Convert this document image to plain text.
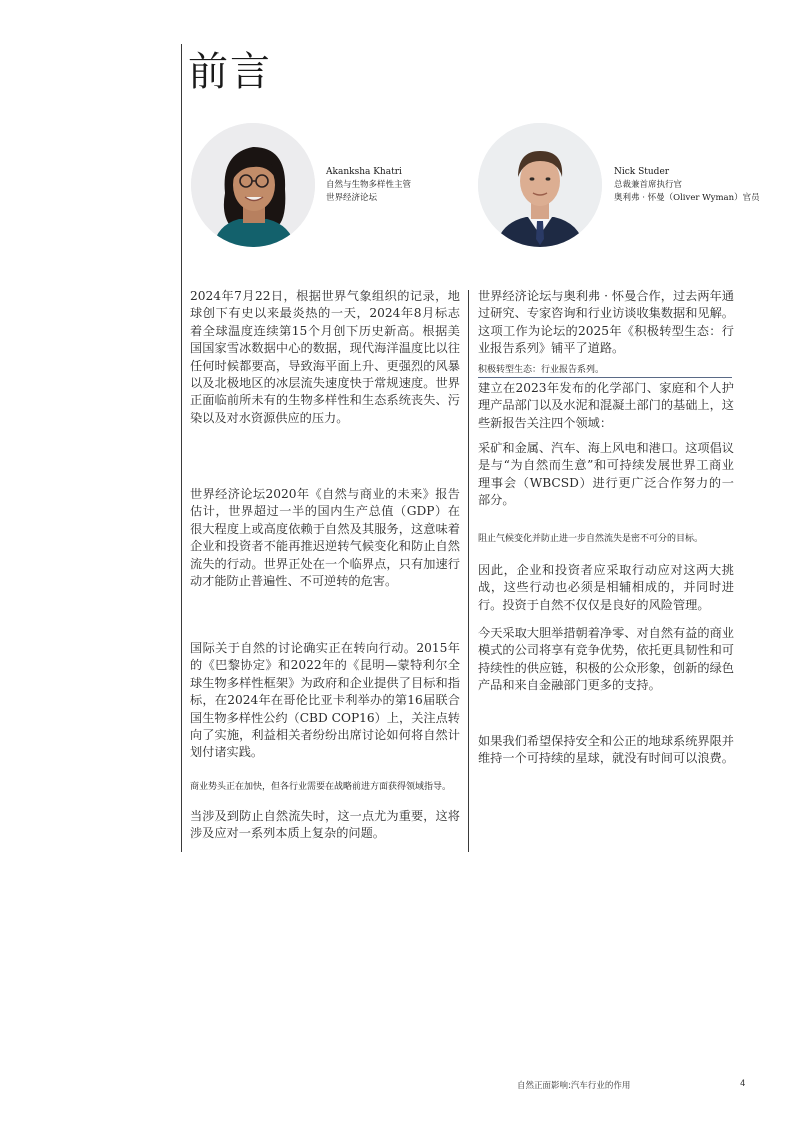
前言
Akanksha Khatri
自然与生物多样性主管
世界经济论坛
Nick Studer
总裁兼首席执行官
奥利弗 · 怀曼（Oliver Wyman）官员
2024年7月22日，根据世界气象组织的记录，地球创下有史以来最炎热的一天，2024年8月标志着全球温度连续第15个月创下历史新高。根据美国国家雪冰数据中心的数据，现代海洋温度比以往任何时候都要高，导致海平面上升、更强烈的风暴以及北极地区的冰层流失速度快于常规速度。世界正面临前所未有的生物多样性和生态系统丧失、污染以及对水资源供应的压力。
世界经济论坛2020年《自然与商业的未来》报告估计，世界超过一半的国内生产总值（GDP）在很大程度上或高度依赖于自然及其服务，这意味着企业和投资者不能再推迟逆转气候变化和防止自然流失的行动。世界正处在一个临界点，只有加速行动才能防止普遍性、不可逆转的危害。
国际关于自然的讨论确实正在转向行动。2015年的《巴黎协定》和2022年的《昆明—蒙特利尔全球生物多样性框架》为政府和企业提供了目标和指标，在2024年在哥伦比亚卡利举办的第16届联合国生物多样性公约（CBD COP16）上，关注点转向了实施，利益相关者纷纷出席讨论如何将自然计划付诸实践。
商业势头正在加快，但各行业需要在战略前进方面获得领域指导。
当涉及到防止自然流失时，这一点尤为重要，这将涉及应对一系列本质上复杂的问题。
世界经济论坛与奥利弗 · 怀曼合作，过去两年通过研究、专家咨询和行业访谈收集数据和见解。这项工作为论坛的2025年《积极转型生态：行业报告系列》铺平了道路。
积极转型生态：行业报告系列。
建立在2023年发布的化学部门、家庭和个人护理产品部门以及水泥和混凝土部门的基础上，这些新报告关注四个领域：
采矿和金属、汽车、海上风电和港口。这项倡议是与“为自然而生意”和可持续发展世界工商业理事会（WBCSD）进行更广泛合作努力的一部分。
阻止气候变化并防止进一步自然流失是密不可分的目标。
因此，企业和投资者应采取行动应对这两大挑战，这些行动也必须是相辅相成的，并同时进行。投资于自然不仅仅是良好的风险管理。
今天采取大胆举措朝着净零、对自然有益的商业模式的公司将享有竞争优势，依托更具韧性和可持续性的供应链，积极的公众形象，创新的绿色产品和来自金融部门更多的支持。
如果我们希望保持安全和公正的地球系统界限并维持一个可持续的星球，就没有时间可以浪费。
自然正面影响:汽车行业的作用	4
